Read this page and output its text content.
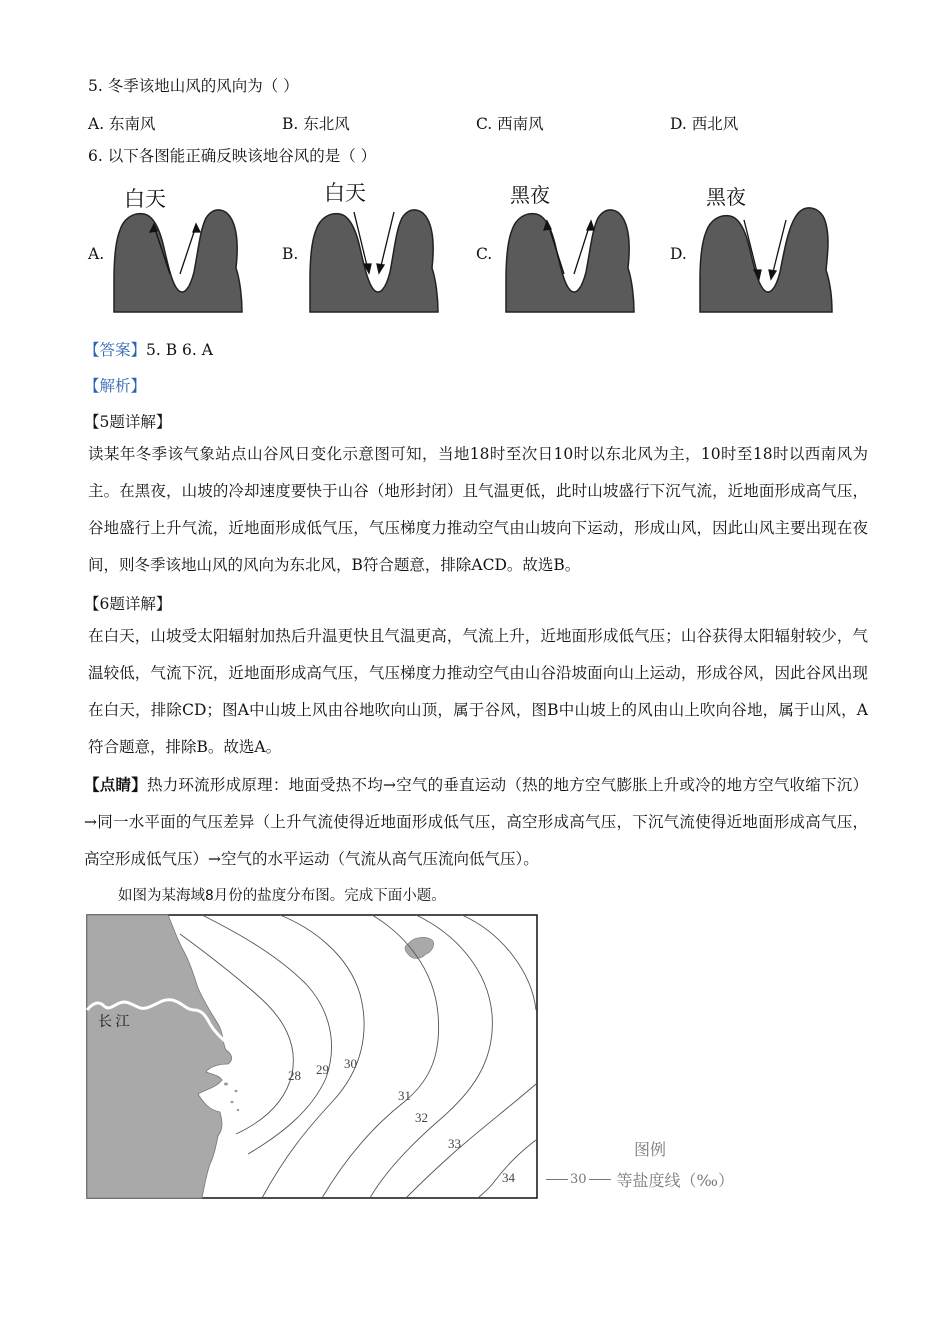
5. 冬季该地山风的风向为（ ）
A. 东南风	B. 东北风	C. 西南风	D. 西北风
6. 以下各图能正确反映该地谷风的是（ ）
A.
白天
B.
白天
C.
黑夜
D.
黑夜
【答案】5. B 6. A
【解析】
【5题详解】
读某年冬季该气象站点山谷风日变化示意图可知，当地18时至次日10时以东北风为主，10时至18时以西南风为主。在黑夜，山坡的冷却速度要快于山谷（地形封闭）且气温更低，此时山坡盛行下沉气流，近地面形成高气压，谷地盛行上升气流，近地面形成低气压，气压梯度力推动空气由山坡向下运动，形成山风，因此山风主要出现在夜间，则冬季该地山风的风向为东北风，B符合题意，排除ACD。故选B。
【6题详解】
在白天，山坡受太阳辐射加热后升温更快且气温更高，气流上升，近地面形成低气压；山谷获得太阳辐射较少，气温较低，气流下沉，近地面形成高气压，气压梯度力推动空气由山谷沿坡面向山上运动，形成谷风，因此谷风出现在白天，排除CD；图A中山坡上风由谷地吹向山顶，属于谷风，图B中山坡上的风由山上吹向谷地，属于山风，A符合题意，排除B。故选A。
【点睛】热力环流形成原理：地面受热不均→空气的垂直运动（热的地方空气膨胀上升或冷的地方空气收缩下沉）→同一水平面的气压差异（上升气流使得近地面形成低气压，高空形成高气压，下沉气流使得近地面形成高气压，高空形成低气压）→空气的水平运动（气流从高气压流向低气压）。
如图为某海域8月份的盐度分布图。完成下面小题。
28 29 30
31
32
33
34
长 江
图例
30 等盐度线（‰）
